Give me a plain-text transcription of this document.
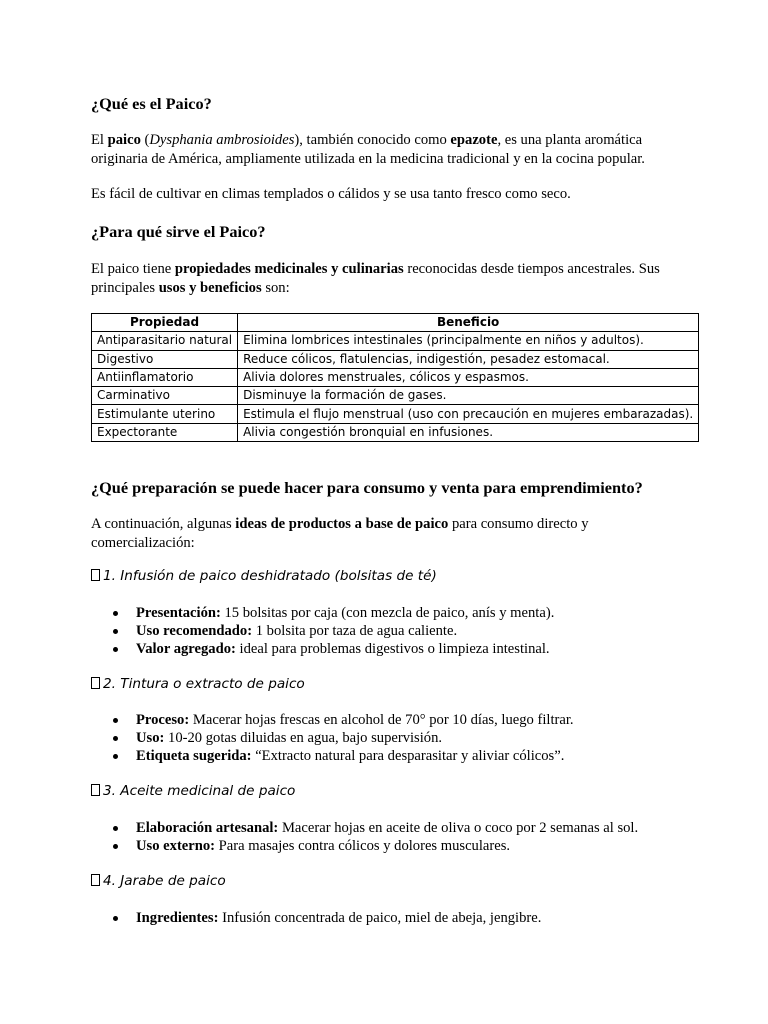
¿Qué es el Paico?

El paico (Dysphania ambrosioides), también conocido como epazote, es una planta aromática originaria de América, ampliamente utilizada en la medicina tradicional y en la cocina popular.

Es fácil de cultivar en climas templados o cálidos y se usa tanto fresco como seco.

¿Para qué sirve el Paico?

El paico tiene propiedades medicinales y culinarias reconocidas desde tiempos ancestrales. Sus principales usos y beneficios son:

Propiedad	Beneficio
Antiparasitario natural	Elimina lombrices intestinales (principalmente en niños y adultos).
Digestivo	Reduce cólicos, flatulencias, indigestión, pesadez estomacal.
Antiinflamatorio	Alivia dolores menstruales, cólicos y espasmos.
Carminativo	Disminuye la formación de gases.
Estimulante uterino	Estimula el flujo menstrual (uso con precaución en mujeres embarazadas).
Expectorante	Alivia congestión bronquial en infusiones.
¿Qué preparación se puede hacer para consumo y venta para emprendimiento?

A continuación, algunas ideas de productos a base de paico para consumo directo y comercialización:

1. Infusión de paico deshidratado (bolsitas de té)

Presentación: 15 bolsitas por caja (con mezcla de paico, anís y menta).
Uso recomendado: 1 bolsita por taza de agua caliente.
Valor agregado: ideal para problemas digestivos o limpieza intestinal.

2. Tintura o extracto de paico

Proceso: Macerar hojas frescas en alcohol de 70° por 10 días, luego filtrar.
Uso: 10-20 gotas diluidas en agua, bajo supervisión.
Etiqueta sugerida: “Extracto natural para desparasitar y aliviar cólicos”.

3. Aceite medicinal de paico

Elaboración artesanal: Macerar hojas en aceite de oliva o coco por 2 semanas al sol.
Uso externo: Para masajes contra cólicos y dolores musculares.

4. Jarabe de paico

Ingredientes: Infusión concentrada de paico, miel de abeja, jengibre.
